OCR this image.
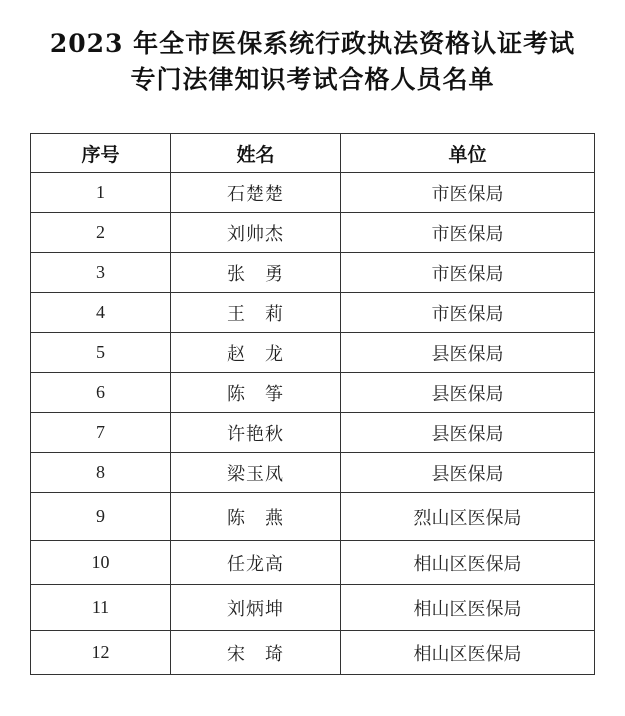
2023 年全市医保系统行政执法资格认证考试
专门法律知识考试合格人员名单
序号	姓名	单位
1	石楚楚	市医保局
2	刘帅杰	市医保局
3	张　勇	市医保局
4	王　莉	市医保局
5	赵　龙	县医保局
6	陈　筝	县医保局
7	许艳秋	县医保局
8	梁玉凤	县医保局
9	陈　燕	烈山区医保局
10	任龙高	相山区医保局
11	刘炳坤	相山区医保局
12	宋　琦	相山区医保局
